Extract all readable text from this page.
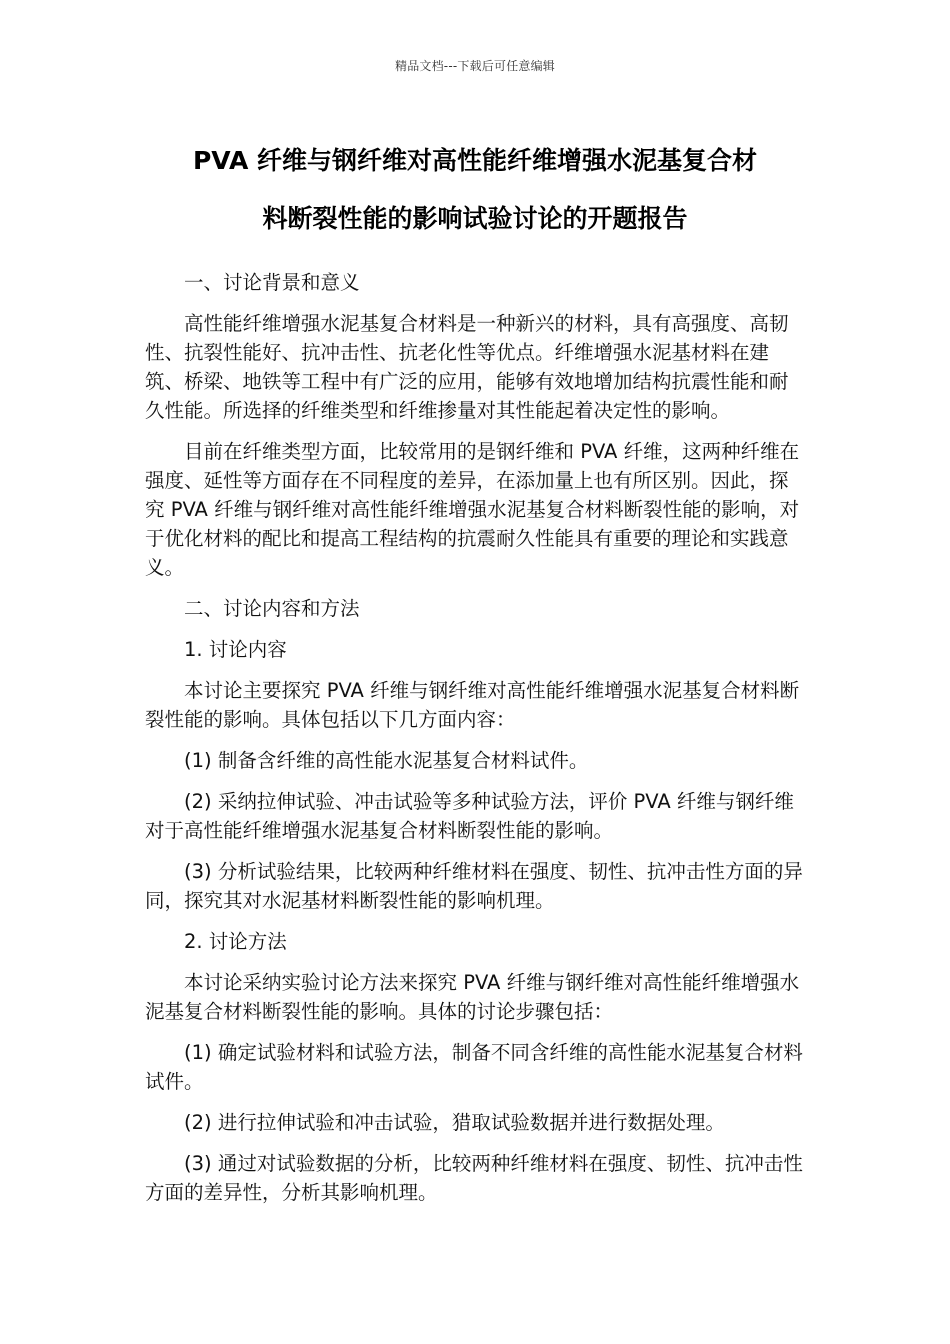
精品文档---下载后可任意编辑
PVA 纤维与钢纤维对高性能纤维增强水泥基复合材
料断裂性能的影响试验讨论的开题报告

一、讨论背景和意义

高性能纤维增强水泥基复合材料是一种新兴的材料，具有高强度、高韧性、抗裂性能好、抗冲击性、抗老化性等优点。纤维增强水泥基材料在建筑、桥梁、地铁等工程中有广泛的应用，能够有效地增加结构抗震性能和耐久性能。所选择的纤维类型和纤维掺量对其性能起着决定性的影响。

目前在纤维类型方面，比较常用的是钢纤维和 PVA 纤维，这两种纤维在强度、延性等方面存在不同程度的差异，在添加量上也有所区别。因此，探究 PVA 纤维与钢纤维对高性能纤维增强水泥基复合材料断裂性能的影响，对于优化材料的配比和提高工程结构的抗震耐久性能具有重要的理论和实践意义。

二、讨论内容和方法

1. 讨论内容

本讨论主要探究 PVA 纤维与钢纤维对高性能纤维增强水泥基复合材料断裂性能的影响。具体包括以下几方面内容：

(1) 制备含纤维的高性能水泥基复合材料试件。

(2) 采纳拉伸试验、冲击试验等多种试验方法，评价 PVA 纤维与钢纤维对于高性能纤维增强水泥基复合材料断裂性能的影响。

(3) 分析试验结果，比较两种纤维材料在强度、韧性、抗冲击性方面的异同，探究其对水泥基材料断裂性能的影响机理。

2. 讨论方法

本讨论采纳实验讨论方法来探究 PVA 纤维与钢纤维对高性能纤维增强水泥基复合材料断裂性能的影响。具体的讨论步骤包括：

(1) 确定试验材料和试验方法，制备不同含纤维的高性能水泥基复合材料试件。

(2) 进行拉伸试验和冲击试验，猎取试验数据并进行数据处理。

(3) 通过对试验数据的分析，比较两种纤维材料在强度、韧性、抗冲击性方面的差异性，分析其影响机理。
